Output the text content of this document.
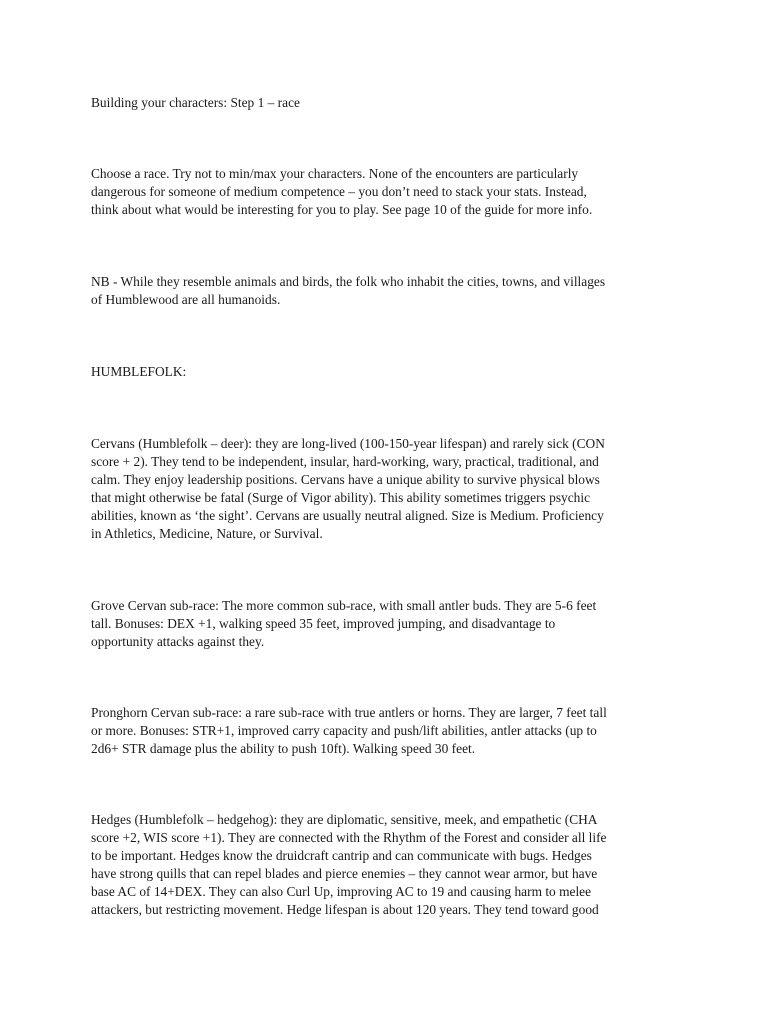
Building your characters: Step 1 – race

Choose a race. Try not to min/max your characters. None of the encounters are particularly
dangerous for someone of medium competence – you don’t need to stack your stats. Instead,
think about what would be interesting for you to play. See page 10 of the guide for more info.

NB - While they resemble animals and birds, the folk who inhabit the cities, towns, and villages
of Humblewood are all humanoids.

HUMBLEFOLK:

Cervans (Humblefolk – deer): they are long-lived (100-150-year lifespan) and rarely sick (CON
score + 2). They tend to be independent, insular, hard-working, wary, practical, traditional, and
calm. They enjoy leadership positions. Cervans have a unique ability to survive physical blows
that might otherwise be fatal (Surge of Vigor ability). This ability sometimes triggers psychic
abilities, known as ‘the sight’. Cervans are usually neutral aligned. Size is Medium. Proficiency
in Athletics, Medicine, Nature, or Survival.

Grove Cervan sub-race: The more common sub-race, with small antler buds. They are 5-6 feet
tall. Bonuses: DEX +1, walking speed 35 feet, improved jumping, and disadvantage to
opportunity attacks against they.

Pronghorn Cervan sub-race: a rare sub-race with true antlers or horns. They are larger, 7 feet tall
or more. Bonuses: STR+1, improved carry capacity and push/lift abilities, antler attacks (up to
2d6+ STR damage plus the ability to push 10ft). Walking speed 30 feet.

Hedges (Humblefolk – hedgehog): they are diplomatic, sensitive, meek, and empathetic (CHA
score +2, WIS score +1). They are connected with the Rhythm of the Forest and consider all life
to be important. Hedges know the druidcraft cantrip and can communicate with bugs. Hedges
have strong quills that can repel blades and pierce enemies – they cannot wear armor, but have
base AC of 14+DEX. They can also Curl Up, improving AC to 19 and causing harm to melee
attackers, but restricting movement. Hedge lifespan is about 120 years. They tend toward good
